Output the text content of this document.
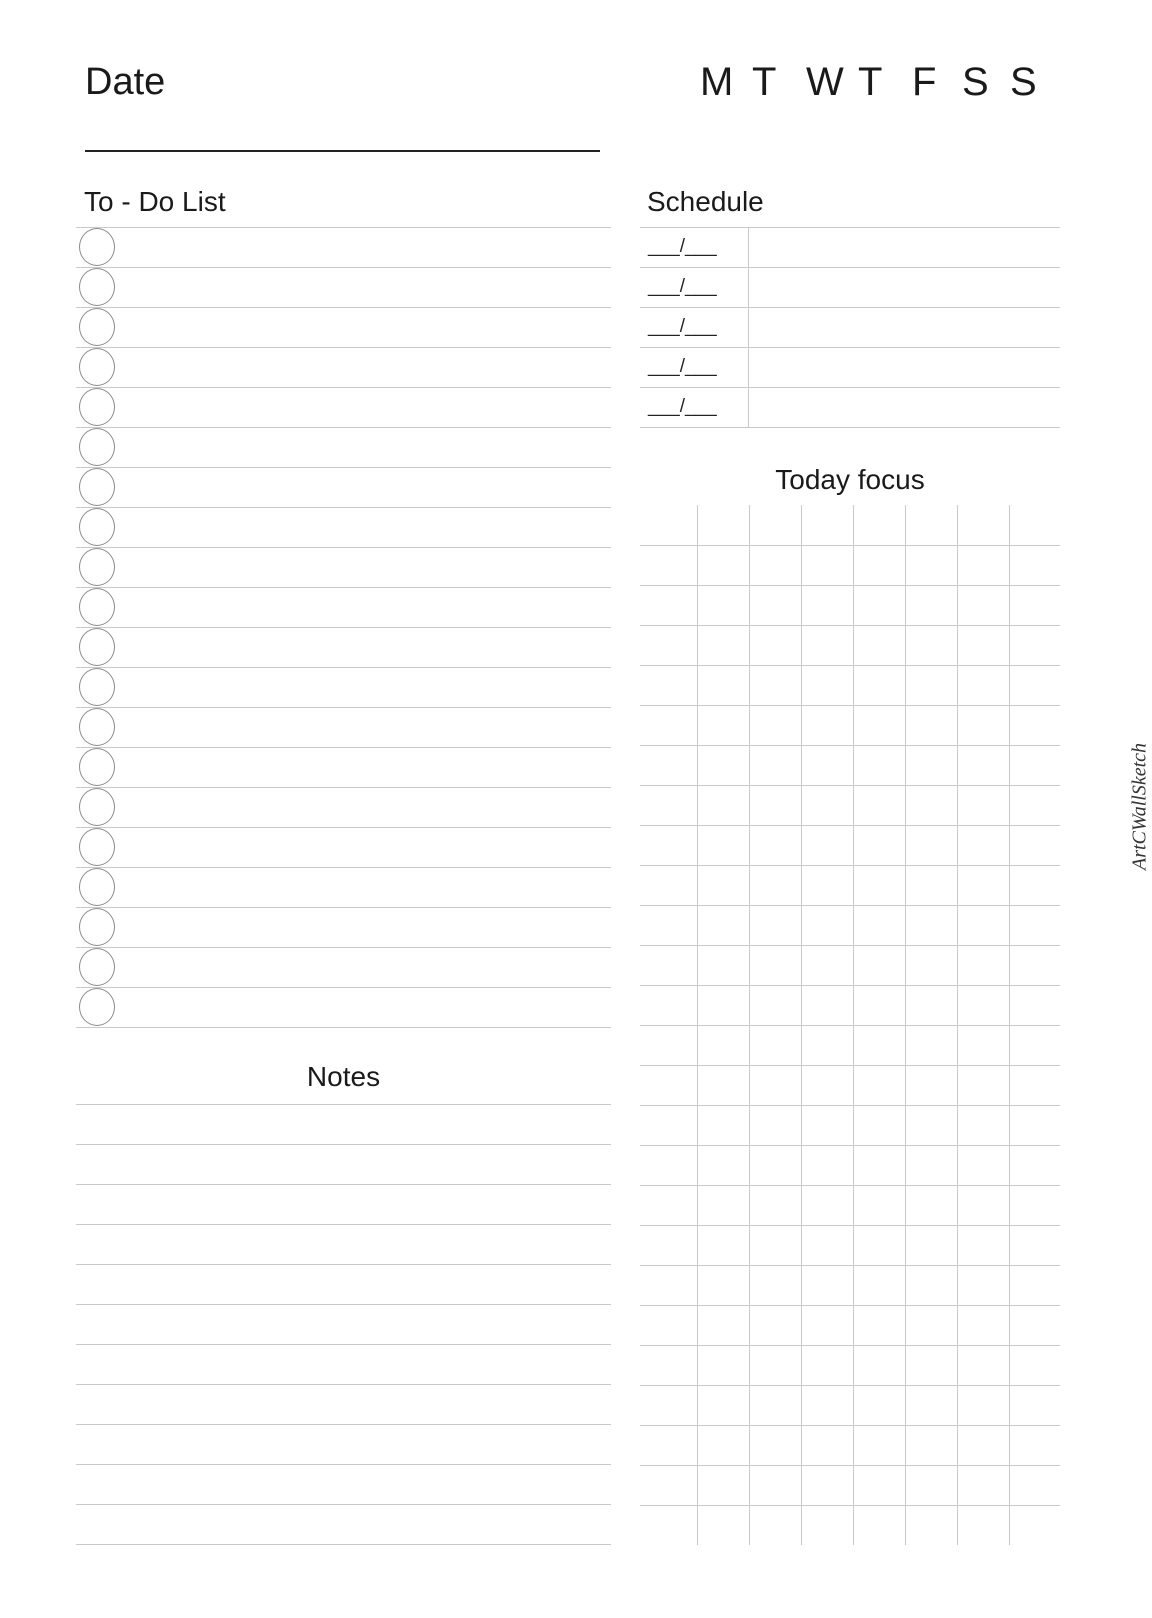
Date	M T W T F S S
To - Do List	Schedule
Today focus
Notes
___/___
___/___
___/___
___/___
___/___
ArtCWallSketch
